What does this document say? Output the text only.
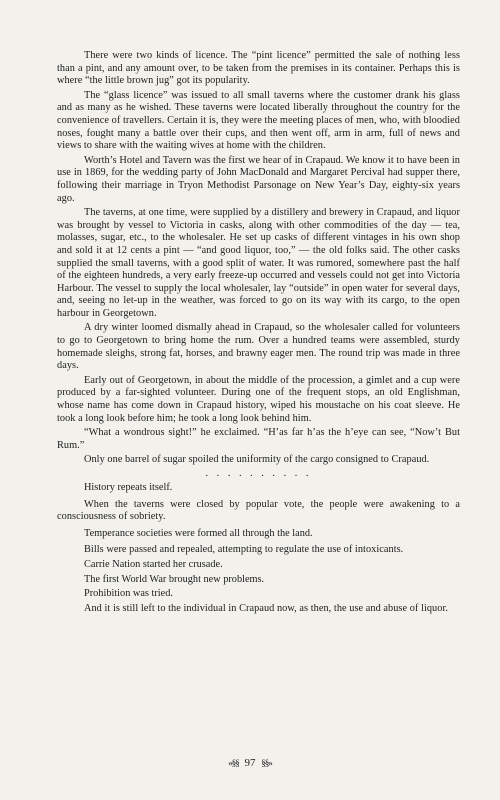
There were two kinds of licence. The “pint licence” permitted the sale of nothing less than a pint, and any amount over, to be taken from the premises in its container. Perhaps this is where “the little brown jug” got its popularity.

The “glass licence” was issued to all small taverns where the customer drank his glass and as many as he wished. These taverns were located liberally throughout the country for the convenience of travellers. Certain it is, they were the meeting places of men, who, with bloodied noses, fought many a battle over their cups, and then went off, arm in arm, full of news and views to share with the waiting wives at home with the children.

Worth’s Hotel and Tavern was the first we hear of in Crapaud. We know it to have been in use in 1869, for the wedding party of John MacDonald and Margaret Percival had supper there, following their marriage in Tryon Methodist Parsonage on New Year’s Day, eighty-six years ago.

The taverns, at one time, were supplied by a distillery and brewery in Crapaud, and liquor was brought by vessel to Victoria in casks, along with other commodities of the day — tea, molasses, sugar, etc., to the wholesaler. He set up casks of different vintages in his own shop and sold it at 12 cents a pint — “and good liquor, too,” — the old folks said. The other casks supplied the small taverns, with a good split of water. It was rumored, somewhere past the half of the eighteen hundreds, a very early freeze-up occurred and vessels could not get into Victoria Harbour. The vessel to supply the local wholesaler, lay “outside” in open water for several days, and, seeing no let-up in the weather, was forced to go on its way with its cargo, to the open harbour in Georgetown.

A dry winter loomed dismally ahead in Crapaud, so the wholesaler called for volunteers to go to Georgetown to bring home the rum. Over a hundred teams were assembled, sturdy homemade sleighs, strong fat, horses, and brawny eager men. The round trip was made in three days.

Early out of Georgetown, in about the middle of the procession, a gimlet and a cup were produced by a far-sighted volunteer. During one of the frequent stops, an old Englishman, whose name has come down in Crapaud history, wiped his moustache on his coat sleeve. He took a long look before him; he took a long look behind him.

“What a wondrous sight!” he exclaimed. “H’as far h’as the h’eye can see, “Now’t But Rum.”

Only one barrel of sugar spoiled the uniformity of the cargo consigned to Crapaud.

. . . . . . . . . .

History repeats itself.

When the taverns were closed by popular vote, the people were awakening to a consciousness of sobriety.

Temperance societies were formed all through the land.

Bills were passed and repealed, attempting to regulate the use of intoxicants.

Carrie Nation started her crusade.

The first World War brought new problems.

Prohibition was tried.

And it is still left to the individual in Crapaud now, as then, the use and abuse of liquor.

«§§ 97 §§»
